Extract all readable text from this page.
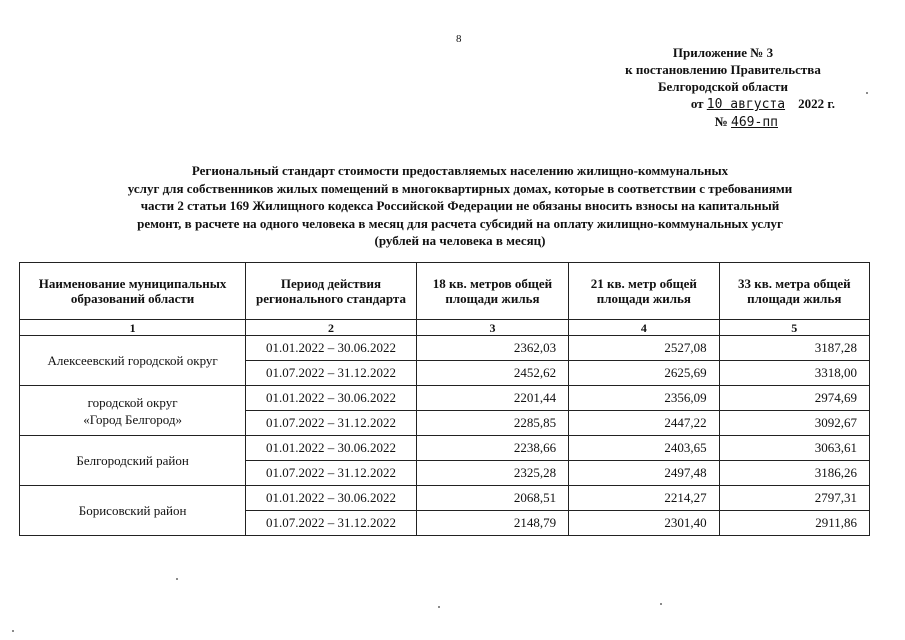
8
Приложение № 3
к постановлению Правительства
Белгородской области
от 10 августа 2022 г.
№ 469-пп
Региональный стандарт стоимости предоставляемых населению жилищно-коммунальных
услуг для собственников жилых помещений в многоквартирных домах, которые в соответствии с требованиями
части 2 статьи 169 Жилищного кодекса Российской Федерации не обязаны вносить взносы на капитальный
ремонт, в расчете на одного человека в месяц для расчета субсидий на оплату жилищно-коммунальных услуг
(рублей на человека в месяц)
Наименование муниципальных образований области	Период действия регионального стандарта	18 кв. метров общей площади жилья	21 кв. метр общей площади жилья	33 кв. метра общей площади жилья
1	2	3	4	5

Алексеевский городской округ	01.01.2022 – 30.06.2022	2362,03	2527,08	3187,28
	01.07.2022 – 31.12.2022	2452,62	2625,69	3318,00

городской округ
«Город Белгород»	01.01.2022 – 30.06.2022	2201,44	2356,09	2974,69
	01.07.2022 – 31.12.2022	2285,85	2447,22	3092,67

Белгородский район	01.01.2022 – 30.06.2022	2238,66	2403,65	3063,61
	01.07.2022 – 31.12.2022	2325,28	2497,48	3186,26

Борисовский район	01.01.2022 – 30.06.2022	2068,51	2214,27	2797,31
	01.07.2022 – 31.12.2022	2148,79	2301,40	2911,86
